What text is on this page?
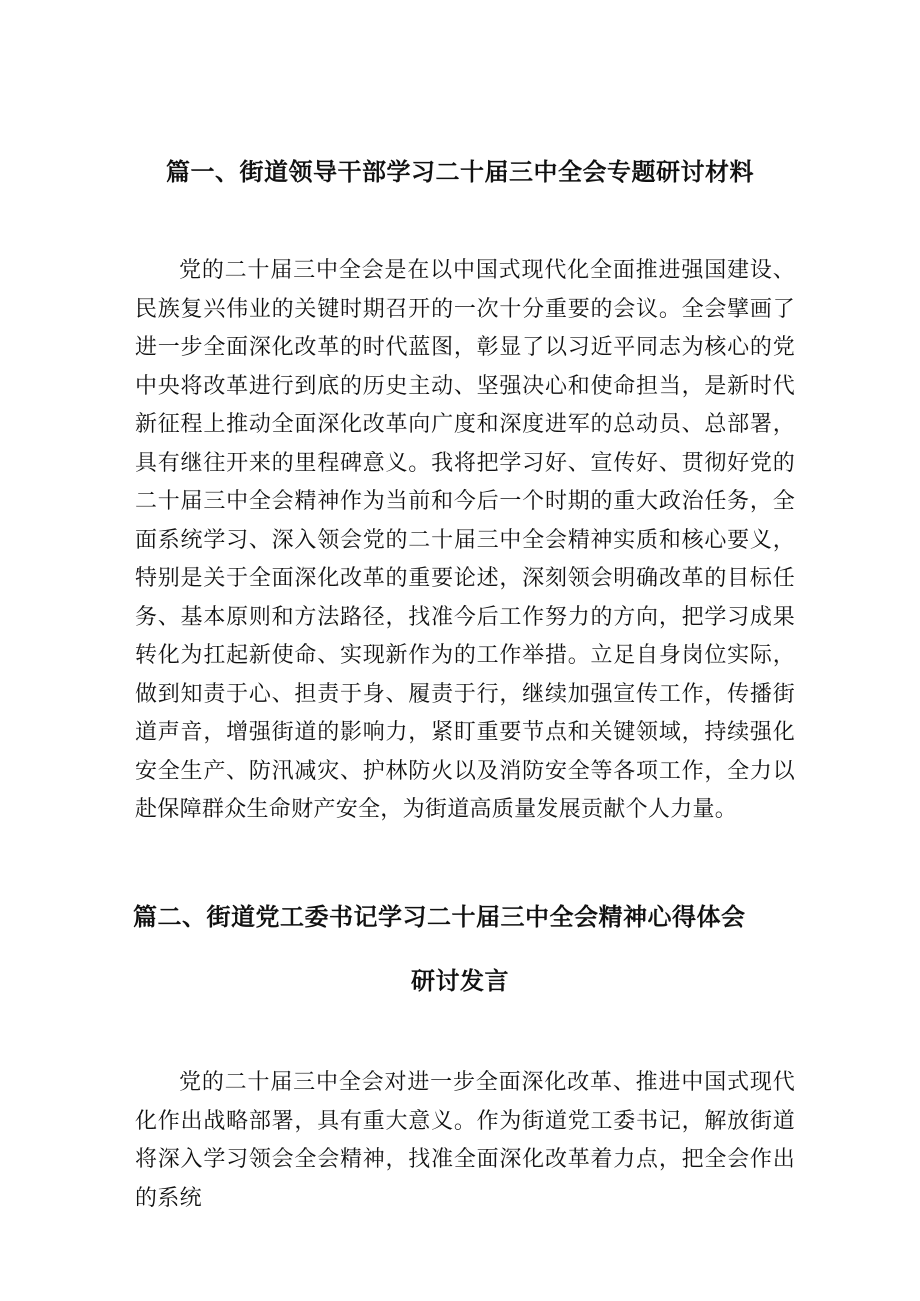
篇一、街道领导干部学习二十届三中全会专题研讨材料
党的二十届三中全会是在以中国式现代化全面推进强国建设、民族复兴伟业的关键时期召开的一次十分重要的会议。全会擘画了进一步全面深化改革的时代蓝图，彰显了以习近平同志为核心的党中央将改革进行到底的历史主动、坚强决心和使命担当，是新时代新征程上推动全面深化改革向广度和深度进军的总动员、总部署，具有继往开来的里程碑意义。我将把学习好、宣传好、贯彻好党的二十届三中全会精神作为当前和今后一个时期的重大政治任务，全面系统学习、深入领会党的二十届三中全会精神实质和核心要义，特别是关于全面深化改革的重要论述，深刻领会明确改革的目标任务、基本原则和方法路径，找准今后工作努力的方向，把学习成果转化为扛起新使命、实现新作为的工作举措。立足自身岗位实际，做到知责于心、担责于身、履责于行，继续加强宣传工作，传播街道声音，增强街道的影响力，紧盯重要节点和关键领域，持续强化安全生产、防汛减灾、护林防火以及消防安全等各项工作，全力以赴保障群众生命财产安全，为街道高质量发展贡献个人力量。
篇二、街道党工委书记学习二十届三中全会精神心得体会
研讨发言
党的二十届三中全会对进一步全面深化改革、推进中国式现代化作出战略部署，具有重大意义。作为街道党工委书记，解放街道将深入学习领会全会精神，找准全面深化改革着力点，把全会作出的系统
